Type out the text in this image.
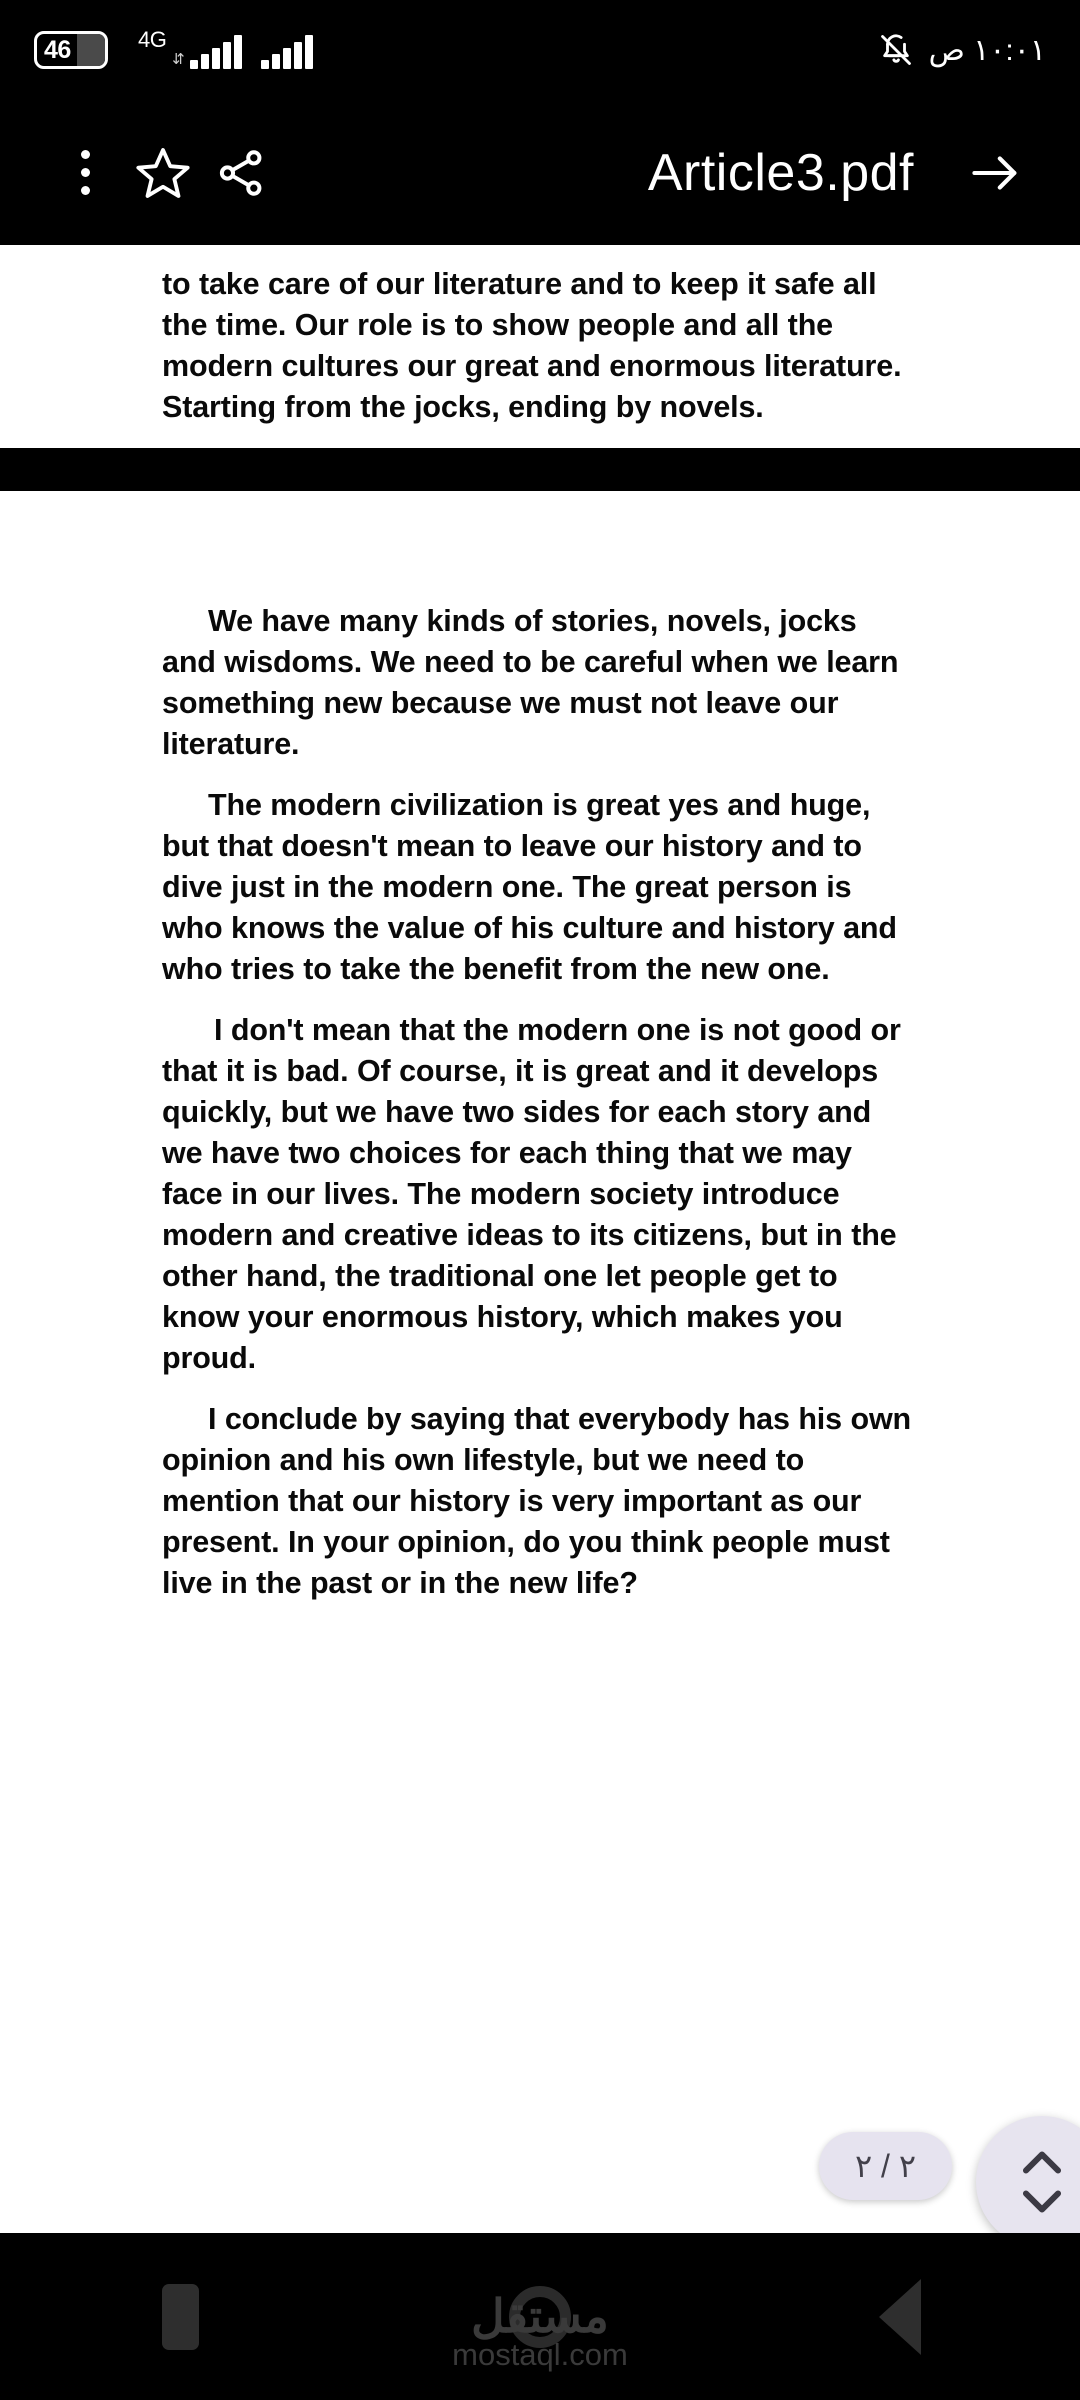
46	4G
⇵	١٠:٠١ ص
Article3.pdf

to take care of our literature and to keep it safe all the time. Our role is to show people and all the modern cultures our great and enormous literature. Starting from the jocks, ending by novels.

We have many kinds of stories, novels, jocks and wisdoms. We need to be careful when we learn something new because we must not leave our literature.

The modern civilization is great yes and huge, but that doesn't mean to leave our history and to dive just in the modern one. The great person is who knows the value of his culture and history and who tries to take the benefit from the new one.

I don't mean that the modern one is not good or that it is bad. Of course, it is great and it develops quickly, but we have two sides for each story and we have two choices for each thing that we may face in our lives. The modern society introduce modern and creative ideas to its citizens, but in the other hand, the traditional one let people get to know your enormous history, which makes you proud.

I conclude by saying that everybody has his own opinion and his own lifestyle, but we need to mention that our history is very important as our present. In your opinion, do you think people must live in the past or in the new life?

٢ / ٢
مستقل
mostaql.com
